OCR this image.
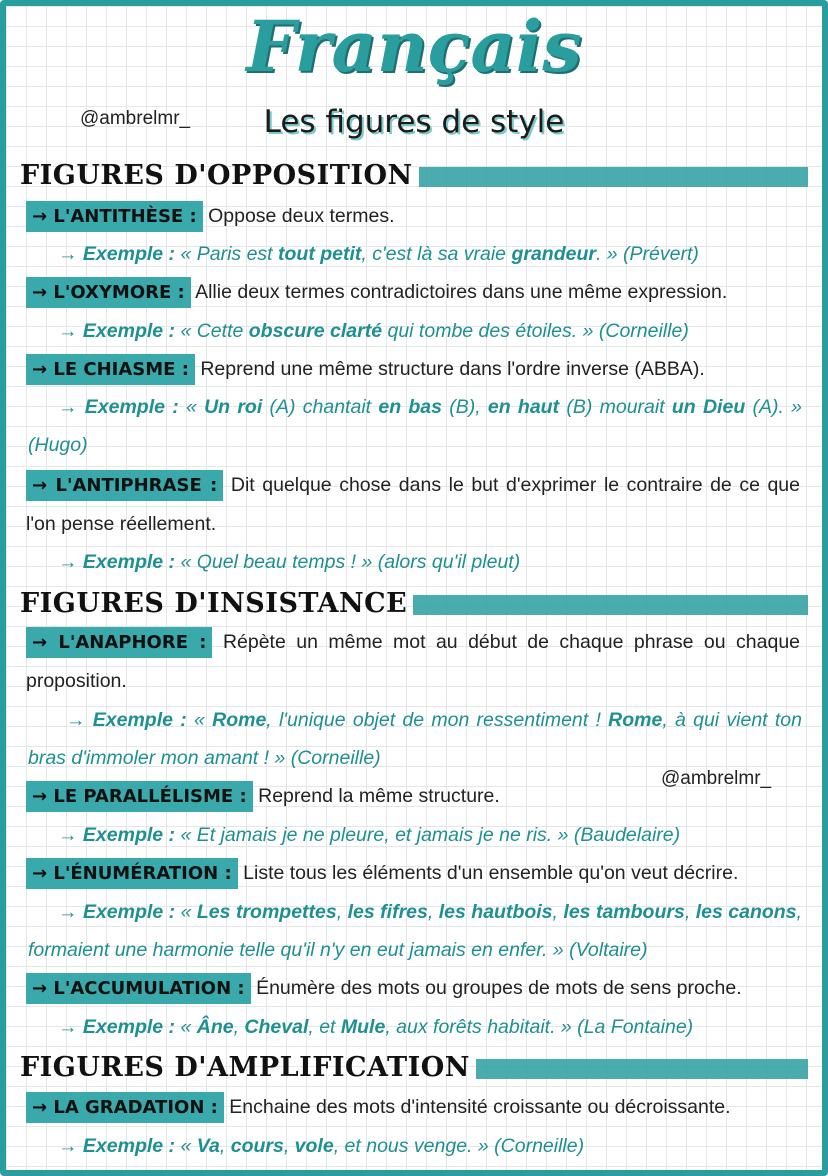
Français
Les figures de style
@ambrelmr_
@ambrelmr_
FIGURES D'OPPOSITION
→ L'ANTITHÈSE : Oppose deux termes.
→ Exemple : « Paris est tout petit, c'est là sa vraie grandeur. » (Prévert)
→ L'OXYMORE : Allie deux termes contradictoires dans une même expression.
→ Exemple : « Cette obscure clarté qui tombe des étoiles. » (Corneille)
→ LE CHIASME : Reprend une même structure dans l'ordre inverse (ABBA).
→ Exemple : « Un roi (A) chantait en bas (B), en haut (B) mourait un Dieu (A). » (Hugo)
→ L'ANTIPHRASE : Dit quelque chose dans le but d'exprimer le contraire de ce que l'on pense réellement.
→ Exemple : « Quel beau temps ! » (alors qu'il pleut)
FIGURES D'INSISTANCE
→ L'ANAPHORE : Répète un même mot au début de chaque phrase ou chaque proposition.
→ Exemple : « Rome, l'unique objet de mon ressentiment ! Rome, à qui vient ton bras d'immoler mon amant ! » (Corneille)
→ LE PARALLÉLISME : Reprend la même structure.
→ Exemple : « Et jamais je ne pleure, et jamais je ne ris. » (Baudelaire)
→ L'ÉNUMÉRATION : Liste tous les éléments d'un ensemble qu'on veut décrire.
→ Exemple : « Les trompettes, les fifres, les hautbois, les tambours, les canons, formaient une harmonie telle qu'il n'y en eut jamais en enfer. » (Voltaire)
→ L'ACCUMULATION : Énumère des mots ou groupes de mots de sens proche.
→ Exemple : « Âne, Cheval, et Mule, aux forêts habitait. » (La Fontaine)
FIGURES D'AMPLIFICATION
→ LA GRADATION : Enchaine des mots d'intensité croissante ou décroissante.
→ Exemple : « Va, cours, vole, et nous venge. » (Corneille)
